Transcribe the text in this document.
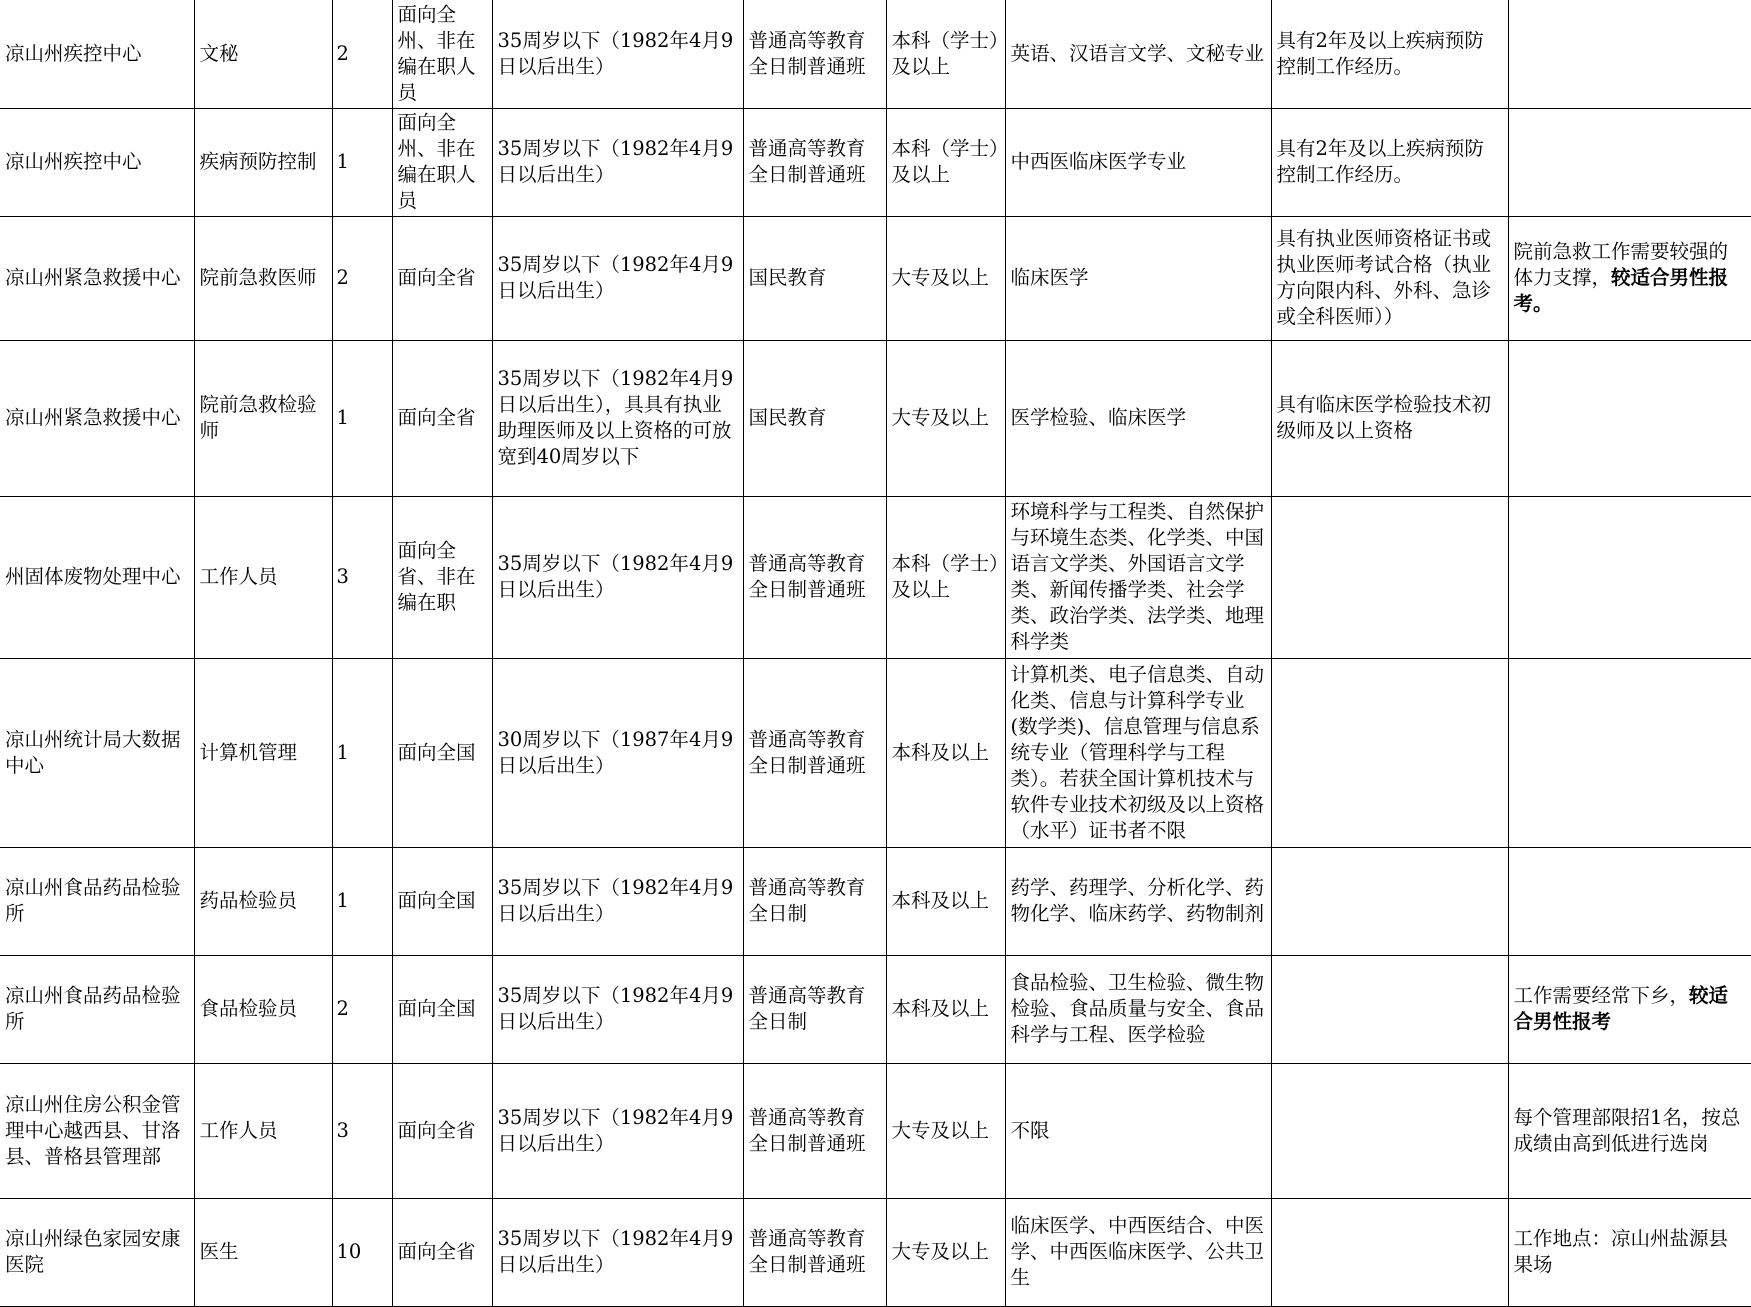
凉山州疾控中心	文秘	2	面向全州、非在编在职人员	35周岁以下（1982年4月9日以后出生）	普通高等教育全日制普通班	本科（学士）及以上	英语、汉语言文学、文秘专业	具有2年及以上疾病预防控制工作经历。	
凉山州疾控中心	疾病预防控制	1	面向全州、非在编在职人员	35周岁以下（1982年4月9日以后出生）	普通高等教育全日制普通班	本科（学士）及以上	中西医临床医学专业	具有2年及以上疾病预防控制工作经历。	
凉山州紧急救援中心	院前急救医师	2	面向全省	35周岁以下（1982年4月9日以后出生）	国民教育	大专及以上	临床医学	具有执业医师资格证书或执业医师考试合格（执业方向限内科、外科、急诊或全科医师））	院前急救工作需要较强的体力支撑，较适合男性报考。
凉山州紧急救援中心	院前急救检验师	1	面向全省	35周岁以下（1982年4月9日以后出生），具具有执业助理医师及以上资格的可放宽到40周岁以下	国民教育	大专及以上	医学检验、临床医学	具有临床医学检验技术初级师及以上资格	
州固体废物处理中心	工作人员	3	面向全省、非在编在职	35周岁以下（1982年4月9日以后出生）	普通高等教育全日制普通班	本科（学士）及以上	环境科学与工程类、自然保护与环境生态类、化学类、中国语言文学类、外国语言文学类、新闻传播学类、社会学类、政治学类、法学类、地理科学类		
凉山州统计局大数据中心	计算机管理	1	面向全国	30周岁以下（1987年4月9日以后出生）	普通高等教育全日制普通班	本科及以上	计算机类、电子信息类、自动化类、信息与计算科学专业(数学类)、信息管理与信息系统专业（管理科学与工程类）。若获全国计算机技术与软件专业技术初级及以上资格（水平）证书者不限		
凉山州食品药品检验所	药品检验员	1	面向全国	35周岁以下（1982年4月9日以后出生）	普通高等教育全日制	本科及以上	药学、药理学、分析化学、药物化学、临床药学、药物制剂		
凉山州食品药品检验所	食品检验员	2	面向全国	35周岁以下（1982年4月9日以后出生）	普通高等教育全日制	本科及以上	食品检验、卫生检验、微生物检验、食品质量与安全、食品科学与工程、医学检验		工作需要经常下乡，较适合男性报考
凉山州住房公积金管理中心越西县、甘洛县、普格县管理部	工作人员	3	面向全省	35周岁以下（1982年4月9日以后出生）	普通高等教育全日制普通班	大专及以上	不限		每个管理部限招1名，按总成绩由高到低进行选岗
凉山州绿色家园安康医院	医生	10	面向全省	35周岁以下（1982年4月9日以后出生）	普通高等教育全日制普通班	大专及以上	临床医学、中西医结合、中医学、中西医临床医学、公共卫生		工作地点：凉山州盐源县果场
